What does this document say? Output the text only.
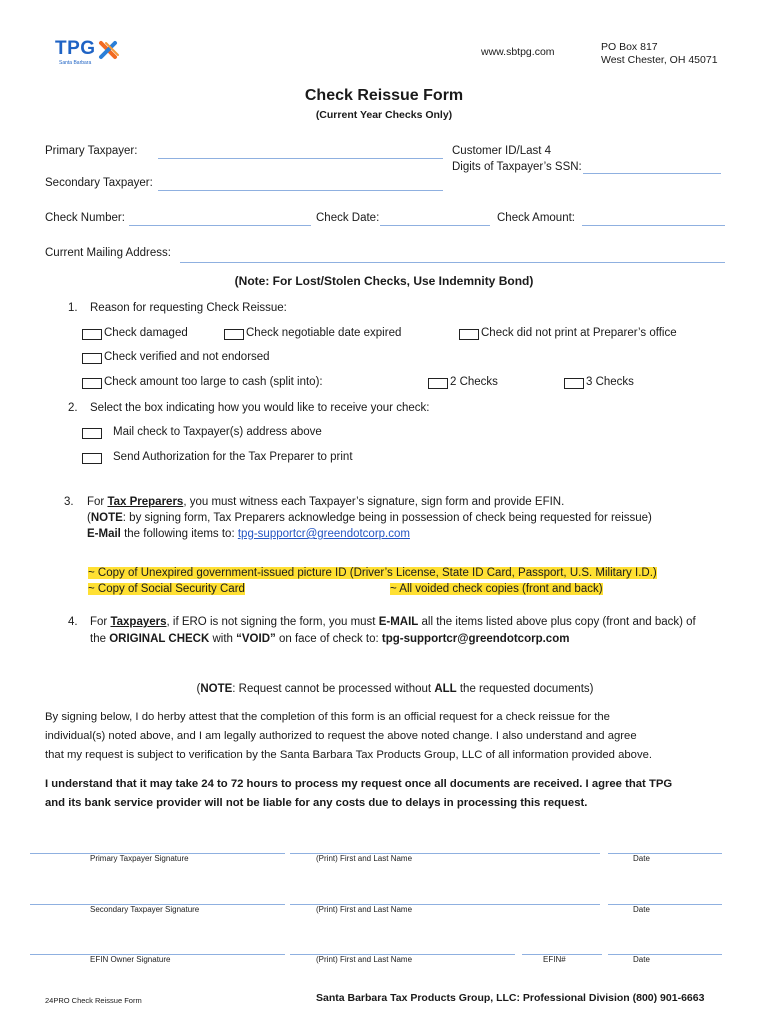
TPG
Santa Barbara
www.sbtpg.com	PO Box 817
West Chester, OH 45071
Check Reissue Form
(Current Year Checks Only)
Primary Taxpayer:	Customer ID/Last 4
Digits of Taxpayer’s SSN:
Secondary Taxpayer:
Check Number:	Check Date:	Check Amount:
Current Mailing Address:
(Note: For Lost/Stolen Checks, Use Indemnity Bond)
1. Reason for requesting Check Reissue:
Check damaged	Check negotiable date expired	Check did not print at Preparer’s office
Check verified and not endorsed
Check amount too large to cash (split into):	2 Checks	3 Checks
2. Select the box indicating how you would like to receive your check:
Mail check to Taxpayer(s) address above
Send Authorization for the Tax Preparer to print
3. For Tax Preparers, you must witness each Taxpayer’s signature, sign form and provide EFIN.
(NOTE: by signing form, Tax Preparers acknowledge being in possession of check being requested for reissue)
E-Mail the following items to: tpg-supportcr@greendotcorp.com
~ Copy of Unexpired government-issued picture ID (Driver’s License, State ID Card, Passport, U.S. Military I.D.)
~ Copy of Social Security Card	~ All voided check copies (front and back)
4. For Taxpayers, if ERO is not signing the form, you must E-MAIL all the items listed above plus copy (front and back) of
the ORIGINAL CHECK with “VOID” on face of check to: tpg-supportcr@greendotcorp.com
(NOTE: Request cannot be processed without ALL the requested documents)
By signing below, I do herby attest that the completion of this form is an official request for a check reissue for the
individual(s) noted above, and I am legally authorized to request the above noted change. I also understand and agree
that my request is subject to verification by the Santa Barbara Tax Products Group, LLC of all information provided above.
I understand that it may take 24 to 72 hours to process my request once all documents are received. I agree that TPG
and its bank service provider will not be liable for any costs due to delays in processing this request.
Primary Taxpayer Signature	(Print) First and Last Name	Date
Secondary Taxpayer Signature	(Print) First and Last Name	Date
EFIN Owner Signature	(Print) First and Last Name	EFIN#	Date
24PRO Check Reissue Form	Santa Barbara Tax Products Group, LLC: Professional Division (800) 901-6663
